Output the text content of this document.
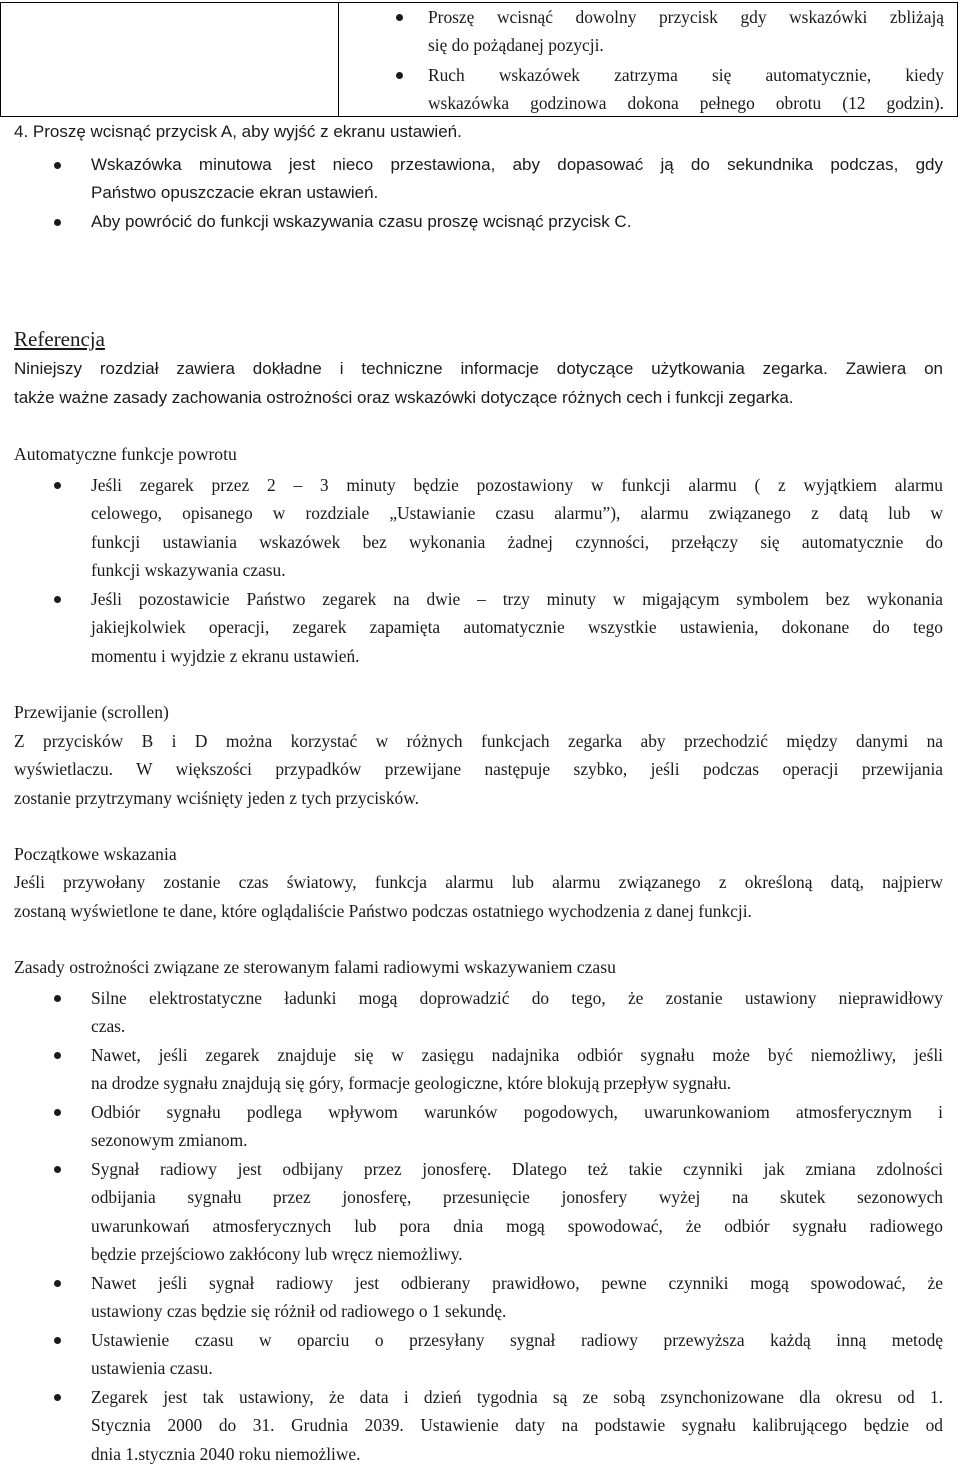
Proszę wcisnąć dowolny przycisk gdy wskazówki zbliżają
się do pożądanej pozycji.
Ruch wskazówek zatrzyma się automatycznie, kiedy
wskazówka godzinowa dokona pełnego obrotu (12 godzin).
4. Proszę wcisnąć przycisk A, aby wyjść z ekranu ustawień.
Wskazówka minutowa jest nieco przestawiona, aby dopasować ją do sekundnika podczas, gdy
Państwo opuszczacie ekran ustawień.
Aby powrócić do funkcji wskazywania czasu proszę wcisnąć przycisk C.
Referencja
Niniejszy rozdział zawiera dokładne i techniczne informacje dotyczące użytkowania zegarka. Zawiera on
także ważne zasady zachowania ostrożności oraz wskazówki dotyczące różnych cech i funkcji zegarka.
Automatyczne funkcje powrotu
Jeśli zegarek przez 2 – 3 minuty będzie pozostawiony w funkcji alarmu ( z wyjątkiem alarmu
celowego, opisanego w rozdziale „Ustawianie czasu alarmu”), alarmu związanego z datą lub w
funkcji ustawiania wskazówek bez wykonania żadnej czynności, przełączy się automatycznie do
funkcji wskazywania czasu.
Jeśli pozostawicie Państwo zegarek na dwie – trzy minuty w migającym symbolem bez wykonania
jakiejkolwiek operacji, zegarek zapamięta automatycznie wszystkie ustawienia, dokonane do tego
momentu i wyjdzie z ekranu ustawień.
Przewijanie (scrollen)
Z przycisków B i D można korzystać w różnych funkcjach zegarka aby przechodzić między danymi na
wyświetlaczu. W większości przypadków przewijane następuje szybko, jeśli podczas operacji przewijania
zostanie przytrzymany wciśnięty jeden z tych przycisków.
Początkowe wskazania
Jeśli przywołany zostanie czas światowy, funkcja alarmu lub alarmu związanego z określoną datą, najpierw
zostaną wyświetlone te dane, które oglądaliście Państwo podczas ostatniego wychodzenia z danej funkcji.
Zasady ostrożności związane ze sterowanym falami radiowymi wskazywaniem czasu
Silne elektrostatyczne ładunki mogą doprowadzić do tego, że zostanie ustawiony nieprawidłowy
czas.
Nawet, jeśli zegarek znajduje się w zasięgu nadajnika odbiór sygnału może być niemożliwy, jeśli
na drodze sygnału znajdują się góry, formacje geologiczne, które blokują przepływ sygnału.
Odbiór sygnału podlega wpływom warunków pogodowych, uwarunkowaniom atmosferycznym i
sezonowym zmianom.
Sygnał radiowy jest odbijany przez jonosferę. Dlatego też takie czynniki jak zmiana zdolności
odbijania sygnału przez jonosferę, przesunięcie jonosfery wyżej na skutek sezonowych
uwarunkowań atmosferycznych lub pora dnia mogą spowodować, że odbiór sygnału radiowego
będzie przejściowo zakłócony lub wręcz niemożliwy.
Nawet jeśli sygnał radiowy jest odbierany prawidłowo, pewne czynniki mogą spowodować, że
ustawiony czas będzie się różnił od radiowego o 1 sekundę.
Ustawienie czasu w oparciu o przesyłany sygnał radiowy przewyższa każdą inną metodę
ustawienia czasu.
Zegarek jest tak ustawiony, że data i dzień tygodnia są ze sobą zsynchonizowane dla okresu od 1.
Stycznia 2000 do 31. Grudnia 2039. Ustawienie daty na podstawie sygnału kalibrującego będzie od
dnia 1.stycznia 2040 roku niemożliwe.
